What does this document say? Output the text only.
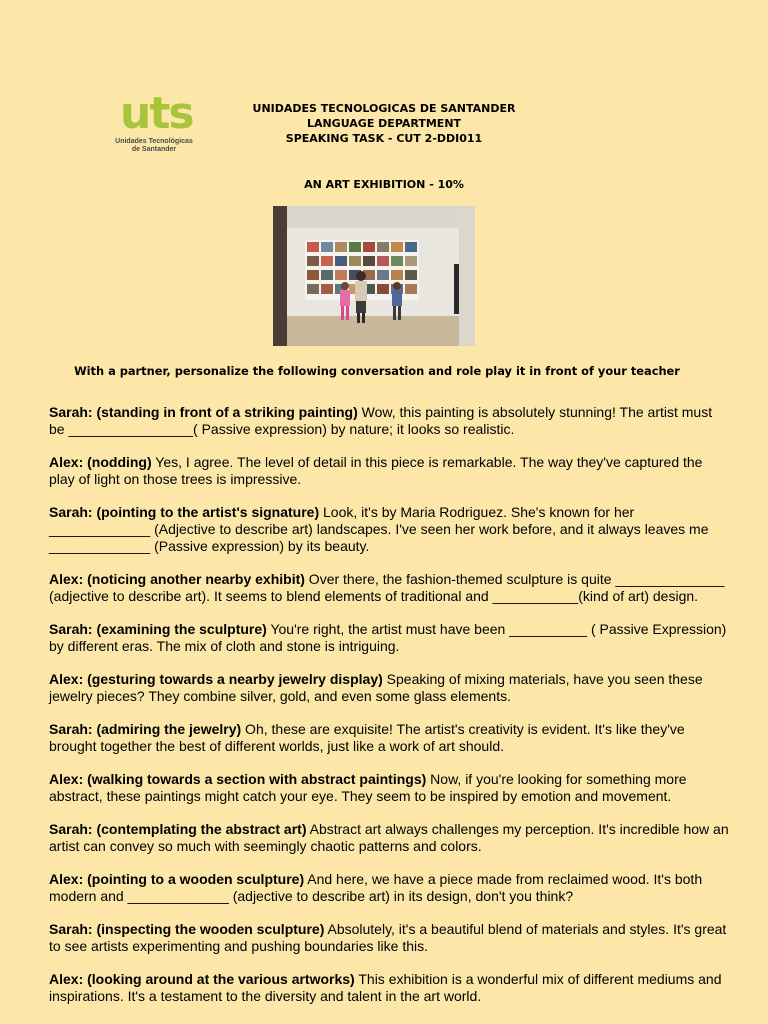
uts
Unidades Tecnológicas
de Santander
UNIDADES TECNOLOGICAS DE SANTANDER
LANGUAGE DEPARTMENT
SPEAKING TASK - CUT 2-DDI011
AN ART EXHIBITION - 10%
With a partner, personalize the following conversation and role play it in front of your teacher

Sarah: (standing in front of a striking painting) Wow, this painting is absolutely stunning! The artist must be ________________( Passive expression) by nature; it looks so realistic.

Alex: (nodding) Yes, I agree. The level of detail in this piece is remarkable. The way they've captured the play of light on those trees is impressive.

Sarah: (pointing to the artist's signature) Look, it's by Maria Rodriguez. She's known for her _____________ (Adjective to describe art) landscapes. I've seen her work before, and it always leaves me _____________ (Passive expression) by its beauty.

Alex: (noticing another nearby exhibit) Over there, the fashion-themed sculpture is quite ______________ (adjective to describe art). It seems to blend elements of traditional and ___________(kind of art) design.

Sarah: (examining the sculpture) You're right, the artist must have been __________ ( Passive Expression) by different eras. The mix of cloth and stone is intriguing.

Alex: (gesturing towards a nearby jewelry display) Speaking of mixing materials, have you seen these jewelry pieces? They combine silver, gold, and even some glass elements.

Sarah: (admiring the jewelry) Oh, these are exquisite! The artist's creativity is evident. It's like they've brought together the best of different worlds, just like a work of art should.

Alex: (walking towards a section with abstract paintings) Now, if you're looking for something more abstract, these paintings might catch your eye. They seem to be inspired by emotion and movement.

Sarah: (contemplating the abstract art) Abstract art always challenges my perception. It's incredible how an artist can convey so much with seemingly chaotic patterns and colors.

Alex: (pointing to a wooden sculpture) And here, we have a piece made from reclaimed wood. It's both modern and _____________ (adjective to describe art) in its design, don't you think?

Sarah: (inspecting the wooden sculpture) Absolutely, it's a beautiful blend of materials and styles. It's great to see artists experimenting and pushing boundaries like this.

Alex: (looking around at the various artworks) This exhibition is a wonderful mix of different mediums and inspirations. It's a testament to the diversity and talent in the art world.
